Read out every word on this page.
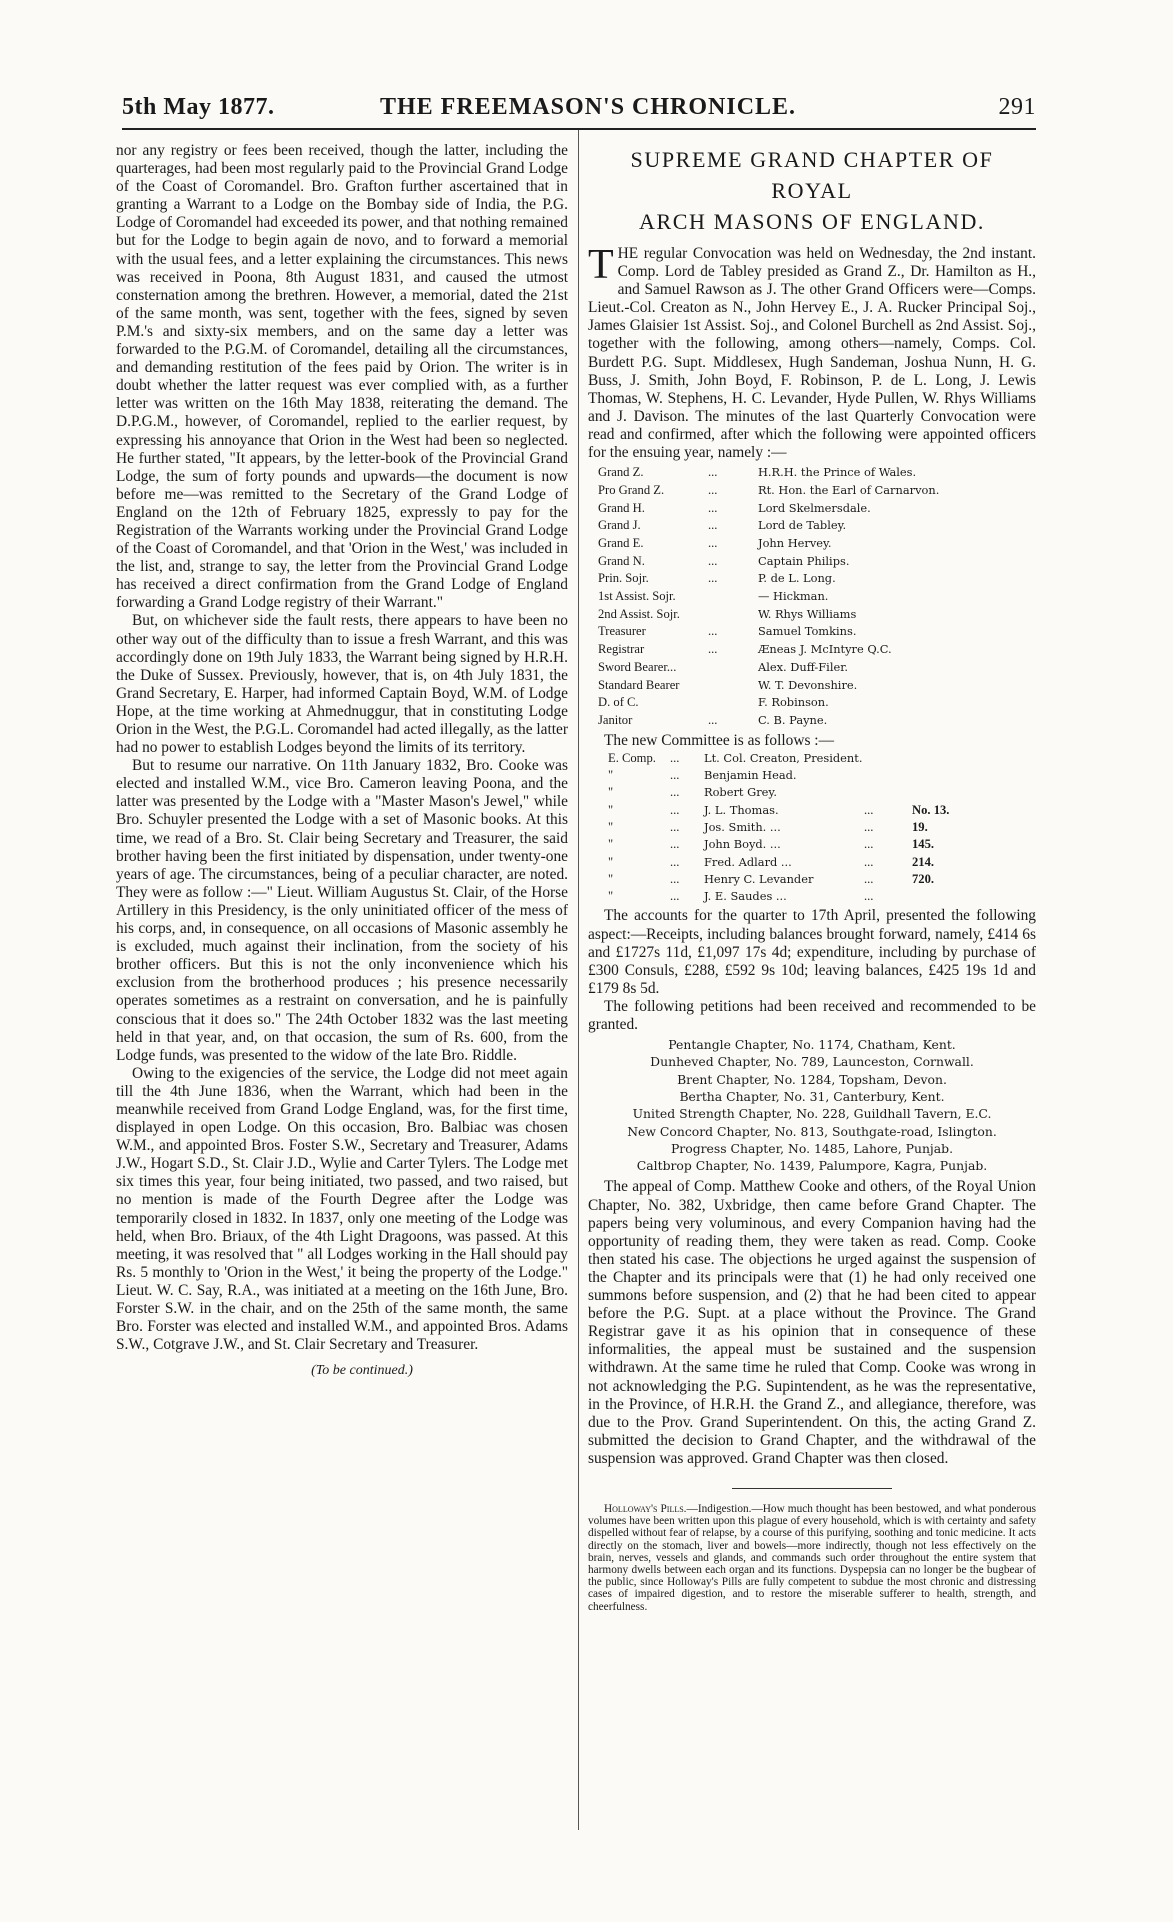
5th May 1877.	THE FREEMASON'S CHRONICLE.	291

nor any registry or fees been received, though the latter, including the quarterages, had been most regularly paid to the Provincial Grand Lodge of the Coast of Coromandel. Bro. Grafton further ascertained that in granting a Warrant to a Lodge on the Bombay side of India, the P.G. Lodge of Coromandel had exceeded its power, and that nothing remained but for the Lodge to begin again de novo, and to forward a memorial with the usual fees, and a letter explaining the circumstances. This news was received in Poona, 8th August 1831, and caused the utmost consternation among the brethren. However, a memorial, dated the 21st of the same month, was sent, together with the fees, signed by seven P.M.'s and sixty-six members, and on the same day a letter was forwarded to the P.G.M. of Coromandel, detailing all the circumstances, and demanding restitution of the fees paid by Orion. The writer is in doubt whether the latter request was ever complied with, as a further letter was written on the 16th May 1838, reiterating the demand. The D.P.G.M., however, of Coromandel, replied to the earlier request, by expressing his annoyance that Orion in the West had been so neglected. He further stated, "It appears, by the letter-book of the Provincial Grand Lodge, the sum of forty pounds and upwards—the document is now before me—was remitted to the Secretary of the Grand Lodge of England on the 12th of February 1825, expressly to pay for the Registration of the Warrants working under the Provincial Grand Lodge of the Coast of Coromandel, and that 'Orion in the West,' was included in the list, and, strange to say, the letter from the Provincial Grand Lodge has received a direct confirmation from the Grand Lodge of England forwarding a Grand Lodge registry of their Warrant."

But, on whichever side the fault rests, there appears to have been no other way out of the difficulty than to issue a fresh Warrant, and this was accordingly done on 19th July 1833, the Warrant being signed by H.R.H. the Duke of Sussex. Previously, however, that is, on 4th July 1831, the Grand Secretary, E. Harper, had informed Captain Boyd, W.M. of Lodge Hope, at the time working at Ahmednuggur, that in constituting Lodge Orion in the West, the P.G.L. Coromandel had acted illegally, as the latter had no power to establish Lodges beyond the limits of its territory.

But to resume our narrative. On 11th January 1832, Bro. Cooke was elected and installed W.M., vice Bro. Cameron leaving Poona, and the latter was presented by the Lodge with a "Master Mason's Jewel," while Bro. Schuyler presented the Lodge with a set of Masonic books. At this time, we read of a Bro. St. Clair being Secretary and Treasurer, the said brother having been the first initiated by dispensation, under twenty-one years of age. The circumstances, being of a peculiar character, are noted. They were as follow :—" Lieut. William Augustus St. Clair, of the Horse Artillery in this Presidency, is the only uninitiated officer of the mess of his corps, and, in consequence, on all occasions of Masonic assembly he is excluded, much against their inclination, from the society of his brother officers. But this is not the only inconvenience which his exclusion from the brotherhood produces ; his presence necessarily operates sometimes as a restraint on conversation, and he is painfully conscious that it does so." The 24th October 1832 was the last meeting held in that year, and, on that occasion, the sum of Rs. 600, from the Lodge funds, was presented to the widow of the late Bro. Riddle.

Owing to the exigencies of the service, the Lodge did not meet again till the 4th June 1836, when the Warrant, which had been in the meanwhile received from Grand Lodge England, was, for the first time, displayed in open Lodge. On this occasion, Bro. Balbiac was chosen W.M., and appointed Bros. Foster S.W., Secretary and Treasurer, Adams J.W., Hogart S.D., St. Clair J.D., Wylie and Carter Tylers. The Lodge met six times this year, four being initiated, two passed, and two raised, but no mention is made of the Fourth Degree after the Lodge was temporarily closed in 1832. In 1837, only one meeting of the Lodge was held, when Bro. Briaux, of the 4th Light Dragoons, was passed. At this meeting, it was resolved that " all Lodges working in the Hall should pay Rs. 5 monthly to 'Orion in the West,' it being the property of the Lodge." Lieut. W. C. Say, R.A., was initiated at a meeting on the 16th June, Bro. Forster S.W. in the chair, and on the 25th of the same month, the same Bro. Forster was elected and installed W.M., and appointed Bros. Adams S.W., Cotgrave J.W., and St. Clair Secretary and Treasurer.

(To be continued.)
SUPREME GRAND CHAPTER OF ROYAL
ARCH MASONS OF ENGLAND.

THE regular Convocation was held on Wednesday, the 2nd instant. Comp. Lord de Tabley presided as Grand Z., Dr. Hamilton as H., and Samuel Rawson as J. The other Grand Officers were—Comps. Lieut.-Col. Creaton as N., John Hervey E., J. A. Rucker Principal Soj., James Glaisier 1st Assist. Soj., and Colonel Burchell as 2nd Assist. Soj., together with the following, among others—namely, Comps. Col. Burdett P.G. Supt. Middlesex, Hugh Sandeman, Joshua Nunn, H. G. Buss, J. Smith, John Boyd, F. Robinson, P. de L. Long, J. Lewis Thomas, W. Stephens, H. C. Levander, Hyde Pullen, W. Rhys Williams and J. Davison. The minutes of the last Quarterly Convocation were read and confirmed, after which the following were appointed officers for the ensuing year, namely :—

Grand Z.	...	H.R.H. the Prince of Wales.
Pro Grand Z.	...	Rt. Hon. the Earl of Carnarvon.
Grand H.	...	Lord Skelmersdale.
Grand J.	...	Lord de Tabley.
Grand E.	...	John Hervey.
Grand N.	...	Captain Philips.
Prin. Sojr.	...	P. de L. Long.
1st Assist. Sojr.		— Hickman.
2nd Assist. Sojr.		W. Rhys Williams
Treasurer	...	Samuel Tomkins.
Registrar	...	Æneas J. McIntyre Q.C.
Sword Bearer...		Alex. Duff-Filer.
Standard Bearer		W. T. Devonshire.
D. of C.		F. Robinson.
Janitor	...	C. B. Payne.

The new Committee is as follows :—

E. Comp.	...	Lt. Col. Creaton, President.		
"	...	Benjamin Head.		
"	...	Robert Grey.		
"	...	J. L. Thomas.	...	No. 13.
"	...	Jos. Smith. ...	...	19.
"	...	John Boyd. ...	...	145.
"	...	Fred. Adlard ...	...	214.
"	...	Henry C. Levander	...	720.
"	...	J. E. Saudes ...	...	

The accounts for the quarter to 17th April, presented the following aspect:—Receipts, including balances brought forward, namely, £414 6s and £1727s 11d, £1,097 17s 4d; expenditure, including by purchase of £300 Consuls, £288, £592 9s 10d; leaving balances, £425 19s 1d and £179 8s 5d.

The following petitions had been received and recommended to be granted.

Pentangle Chapter, No. 1174, Chatham, Kent.
Dunheved Chapter, No. 789, Launceston, Cornwall.
Brent Chapter, No. 1284, Topsham, Devon.
Bertha Chapter, No. 31, Canterbury, Kent.
United Strength Chapter, No. 228, Guildhall Tavern, E.C.
New Concord Chapter, No. 813, Southgate-road, Islington.
Progress Chapter, No. 1485, Lahore, Punjab.
Caltbrop Chapter, No. 1439, Palumpore, Kagra, Punjab.

The appeal of Comp. Matthew Cooke and others, of the Royal Union Chapter, No. 382, Uxbridge, then came before Grand Chapter. The papers being very voluminous, and every Companion having had the opportunity of reading them, they were taken as read. Comp. Cooke then stated his case. The objections he urged against the suspension of the Chapter and its principals were that (1) he had only received one summons before suspension, and (2) that he had been cited to appear before the P.G. Supt. at a place without the Province. The Grand Registrar gave it as his opinion that in consequence of these informalities, the appeal must be sustained and the suspension withdrawn. At the same time he ruled that Comp. Cooke was wrong in not acknowledging the P.G. Supintendent, as he was the representative, in the Province, of H.R.H. the Grand Z., and allegiance, therefore, was due to the Prov. Grand Superintendent. On this, the acting Grand Z. submitted the decision to Grand Chapter, and the withdrawal of the suspension was approved. Grand Chapter was then closed.

Holloway's Pills.—Indigestion.—How much thought has been bestowed, and what ponderous volumes have been written upon this plague of every household, which is with certainty and safety dispelled without fear of relapse, by a course of this purifying, soothing and tonic medicine. It acts directly on the stomach, liver and bowels—more indirectly, though not less effectively on the brain, nerves, vessels and glands, and commands such order throughout the entire system that harmony dwells between each organ and its functions. Dyspepsia can no longer be the bugbear of the public, since Holloway's Pills are fully competent to subdue the most chronic and distressing cases of impaired digestion, and to restore the miserable sufferer to health, strength, and cheerfulness.
